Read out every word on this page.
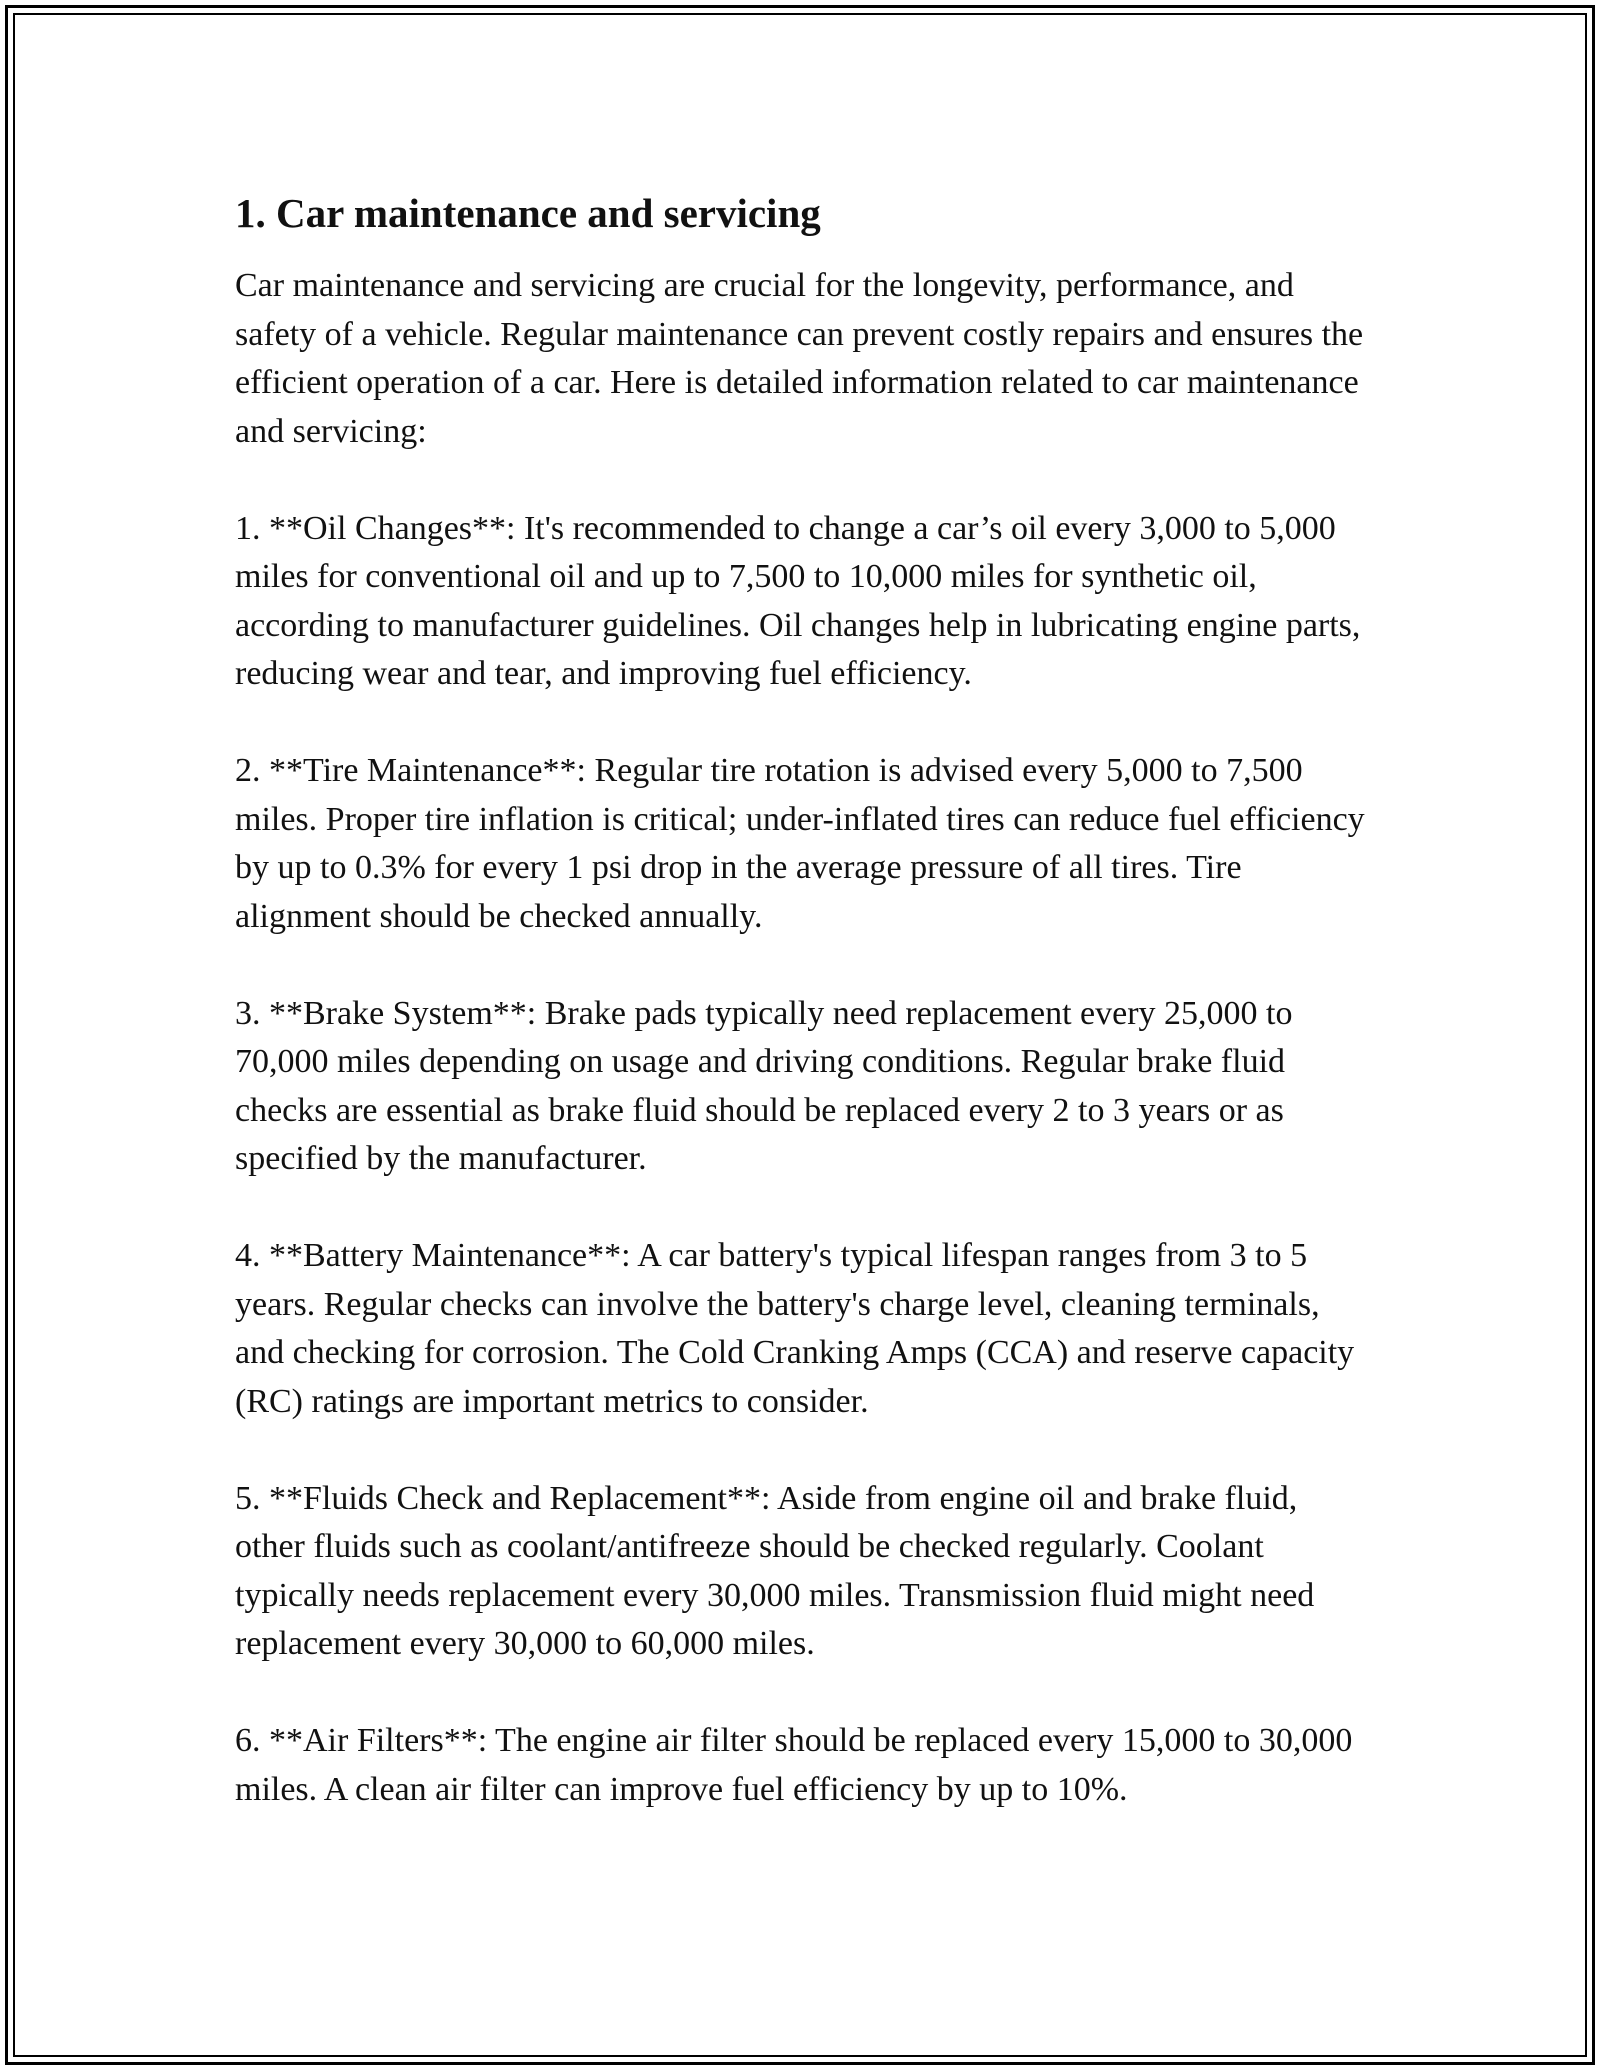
1. Car maintenance and servicing

Car maintenance and servicing are crucial for the longevity, performance, and safety of a vehicle. Regular maintenance can prevent costly repairs and ensures the efficient operation of a car. Here is detailed information related to car maintenance and servicing:

1. **Oil Changes**: It's recommended to change a car’s oil every 3,000 to 5,000 miles for conventional oil and up to 7,500 to 10,000 miles for synthetic oil, according to manufacturer guidelines. Oil changes help in lubricating engine parts, reducing wear and tear, and improving fuel efficiency.

2. **Tire Maintenance**: Regular tire rotation is advised every 5,000 to 7,500 miles. Proper tire inflation is critical; under-inflated tires can reduce fuel efficiency by up to 0.3% for every 1 psi drop in the average pressure of all tires. Tire alignment should be checked annually.

3. **Brake System**: Brake pads typically need replacement every 25,000 to 70,000 miles depending on usage and driving conditions. Regular brake fluid checks are essential as brake fluid should be replaced every 2 to 3 years or as specified by the manufacturer.

4. **Battery Maintenance**: A car battery's typical lifespan ranges from 3 to 5 years. Regular checks can involve the battery's charge level, cleaning terminals, and checking for corrosion. The Cold Cranking Amps (CCA) and reserve capacity (RC) ratings are important metrics to consider.

5. **Fluids Check and Replacement**: Aside from engine oil and brake fluid, other fluids such as coolant/antifreeze should be checked regularly. Coolant typically needs replacement every 30,000 miles. Transmission fluid might need replacement every 30,000 to 60,000 miles.

6. **Air Filters**: The engine air filter should be replaced every 15,000 to 30,000 miles. A clean air filter can improve fuel efficiency by up to 10%.
